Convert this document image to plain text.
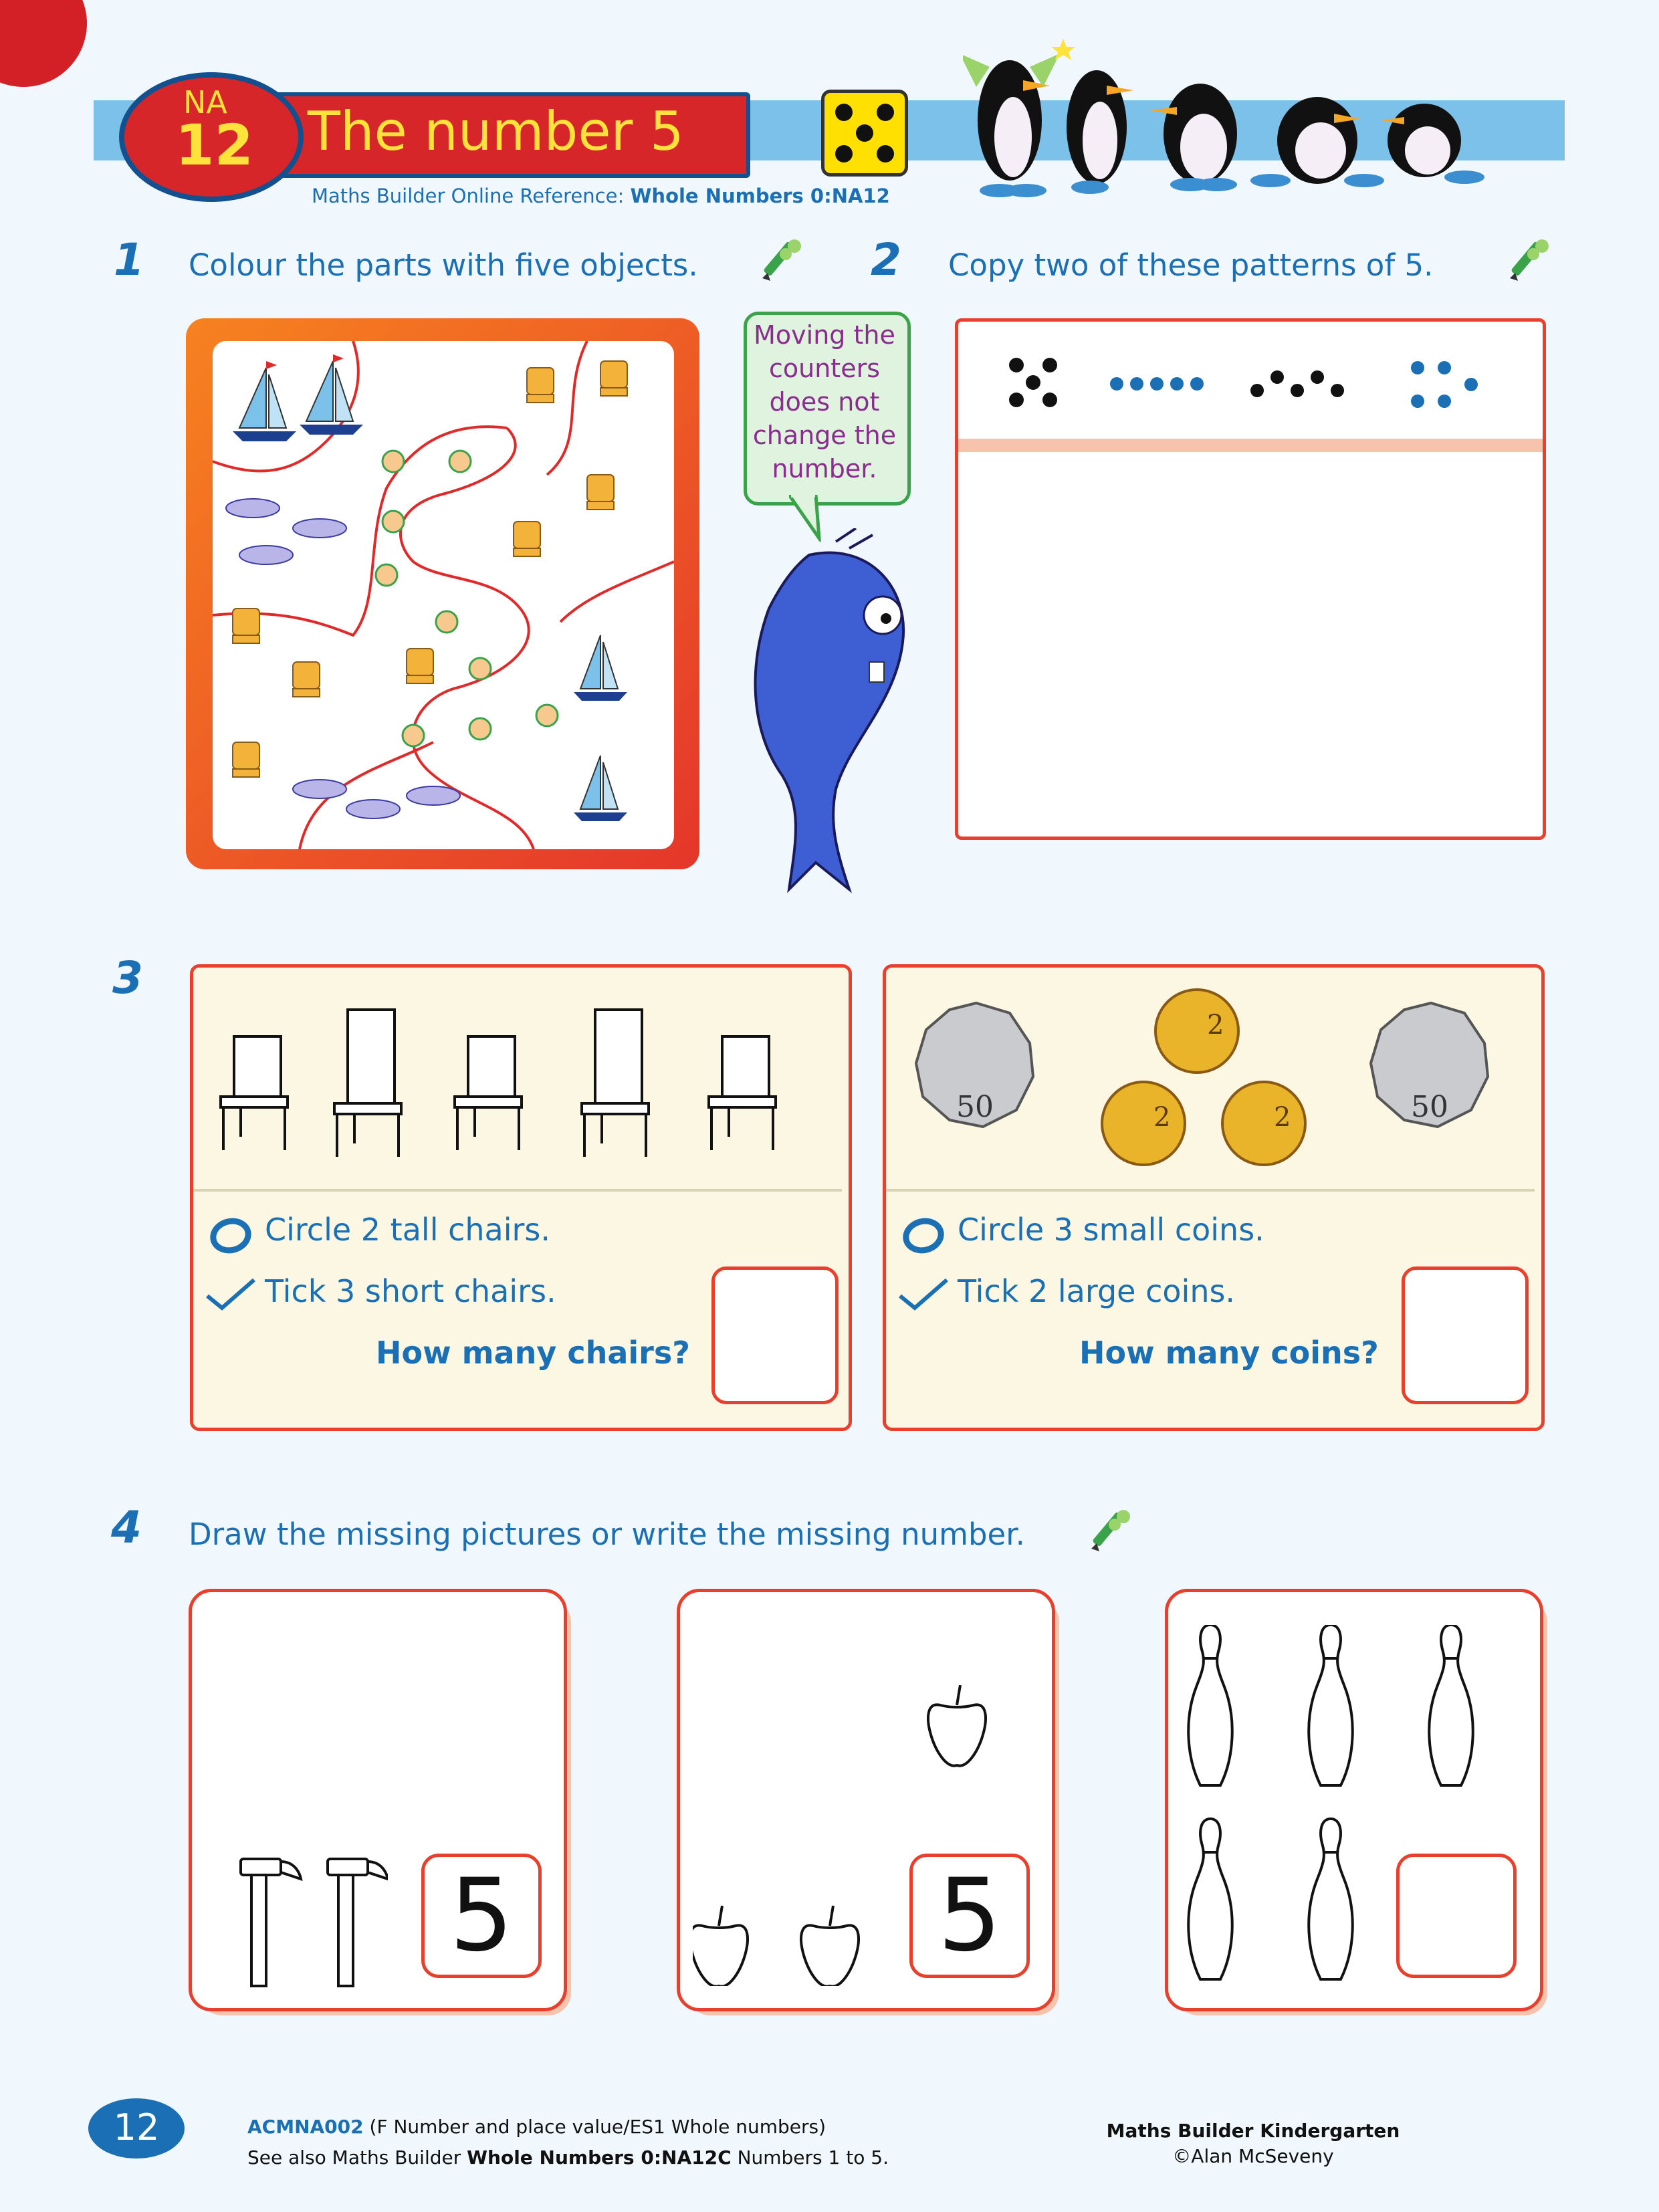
The number 5
NA
12
Maths Builder Online Reference: Whole Numbers 0:NA12
1 Colour the parts with five objects.
Moving the
counters
does not
change the
number.
2 Copy two of these patterns of 5.
3
Circle 2 tall chairs.
Tick 3 short chairs.
How many chairs?
50	50
2
2	2
Circle 3 small coins.
Tick 2 large coins.
How many coins?
4 Draw the missing pictures or write the missing number.
5	5
12	ACMNA002 (F Number and place value/ES1 Whole numbers)
See also Maths Builder Whole Numbers 0:NA12C Numbers 1 to 5.
Maths Builder Kindergarten
©Alan McSeveny
